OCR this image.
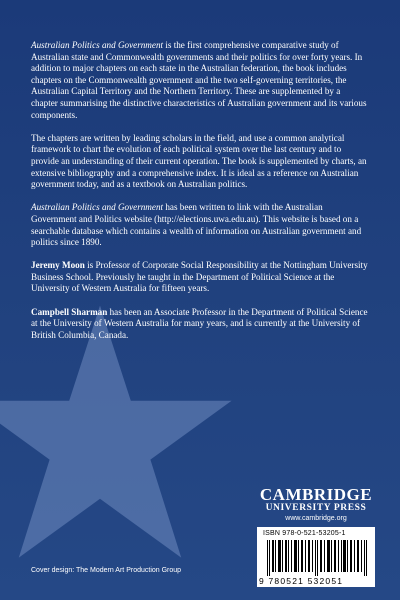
Australian Politics and Government is the first comprehensive comparative study of Australian state and Commonwealth governments and their politics for over forty years. In addition to major chapters on each state in the Australian federation, the book includes chapters on the Commonwealth government and the two self-governing territories, the Australian Capital Territory and the Northern Territory. These are supplemented by a chapter summarising the distinctive characteristics of Australian government and its various components.

The chapters are written by leading scholars in the field, and use a common analytical framework to chart the evolution of each political system over the last century and to provide an understanding of their current operation. The book is supplemented by charts, an extensive bibliography and a comprehensive index. It is ideal as a reference on Australian government today, and as a textbook on Australian politics.

Australian Politics and Government has been written to link with the Australian Government and Politics website (http://elections.uwa.edu.au). This website is based on a searchable database which contains a wealth of information on Australian government and politics since 1890.

Jeremy Moon is Professor of Corporate Social Responsibility at the Nottingham University Business School. Previously he taught in the Department of Political Science at the University of Western Australia for fifteen years.

Campbell Sharman has been an Associate Professor in the Department of Political Science at the University of Western Australia for many years, and is currently at the University of British Columbia, Canada.

CAMBRIDGE
UNIVERSITY PRESS
www.cambridge.org
ISBN 978-0-521-53205-1
9 780521 532051
Cover design: The Modern Art Production Group
